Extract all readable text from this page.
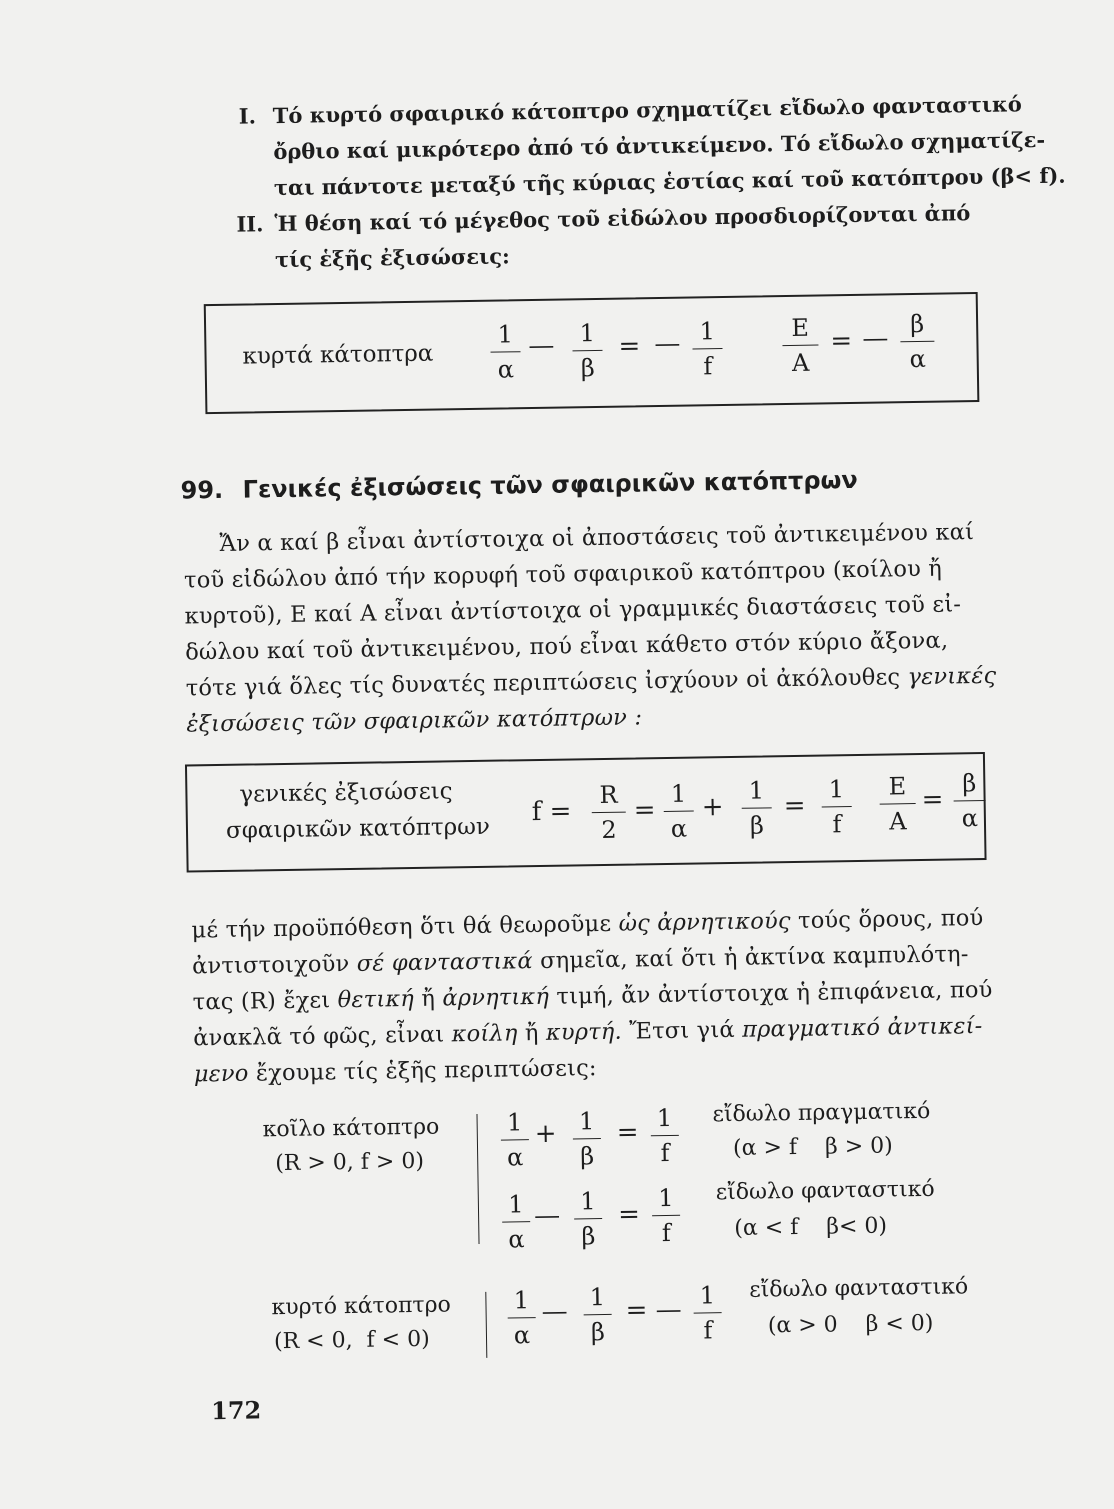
I. Τό κυρτό σφαιρικό κάτοπτρο σχηματίζει εἴδωλο φανταστικό
ὄρθιο καί μικρότερο ἀπό τό ἀντικείμενο. Τό εἴδωλο σχηματίζε-
ται πάντοτε μεταξύ τῆς κύριας ἑστίας καί τοῦ κατόπτρου (β< f).
II. Ἡ θέση καί τό μέγεθος τοῦ εἰδώλου προσδιορίζονται ἀπό
τίς ἑξῆς ἐξισώσεις:
κυρτά κάτοπτρα
1
α
—	1
β
= — 1
f
E
A
= — β
α
99. Γενικές ἐξισώσεις τῶν σφαιρικῶν κατόπτρων
Ἄν α καί β εἶναι ἀντίστοιχα οἱ ἀποστάσεις τοῦ ἀντικειμένου καί
τοῦ εἰδώλου ἀπό τήν κορυφή τοῦ σφαιρικοῦ κατόπτρου (κοίλου ἤ
κυρτοῦ), E καί A εἶναι ἀντίστοιχα οἱ γραμμικές διαστάσεις τοῦ εἰ-
δώλου καί τοῦ ἀντικειμένου, πού εἶναι κάθετο στόν κύριο ἄξονα,
τότε γιά ὅλες τίς δυνατές περιπτώσεις ἰσχύουν οἱ ἀκόλουθες γενικές
ἐξισώσεις τῶν σφαιρικῶν κατόπτρων :
γενικές ἐξισώσεις
σφαιρικῶν κατόπτρων
f =
R
2
=
1
α
+
1
β
=
1
f
E
A
=
β
α
μέ τήν προϋπόθεση ὅτι θά θεωροῦμε ὡς ἀρνητικούς τούς ὅρους, πού
ἀντιστοιχοῦν σέ φανταστικά σημεῖα, καί ὅτι ἡ ἀκτίνα καμπυλότη-
τας (R) ἔχει θετική ἤ ἀρνητική τιμή, ἄν ἀντίστοιχα ἡ ἐπιφάνεια, πού
ἀνακλᾶ τό φῶς, εἶναι κοίλη ἤ κυρτή. Ἔτσι γιά πραγματικό ἀντικεί-
μενο ἔχουμε τίς ἑξῆς περιπτώσεις:
κοῖλο κάτοπτρο
(R > 0, f > 0)
1
α
+ 1
β
= 1
f
εἴδωλο πραγματικό
(α > f    β > 0)
1
α
— 1
β
=
1
f
εἴδωλο φανταστικό
(α < f    β< 0)
κυρτό κάτοπτρο
(R < 0,  f < 0)
1
α
— 1
β
= — 1
f
εἴδωλο φανταστικό
(α > 0    β < 0)
172
